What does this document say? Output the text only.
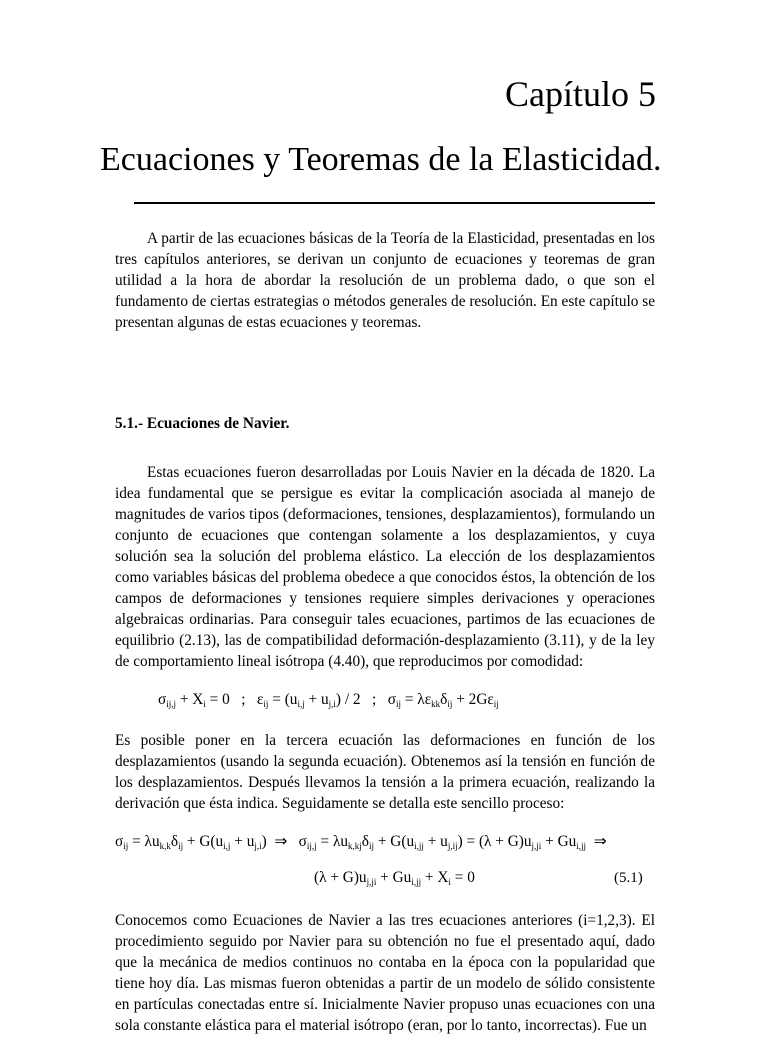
Capítulo 5
Ecuaciones y Teoremas de la Elasticidad.
A partir de las ecuaciones básicas de la Teoría de la Elasticidad, presentadas en los tres capítulos anteriores, se derivan un conjunto de ecuaciones y teoremas de gran utilidad a la hora de abordar la resolución de un problema dado, o que son el fundamento de ciertas estrategias o métodos generales de resolución. En este capítulo se presentan algunas de estas ecuaciones y teoremas.
5.1.- Ecuaciones de Navier.
Estas ecuaciones fueron desarrolladas por Louis Navier en la década de 1820. La idea fundamental que se persigue es evitar la complicación asociada al manejo de magnitudes de varios tipos (deformaciones, tensiones, desplazamientos), formulando un conjunto de ecuaciones que contengan solamente a los desplazamientos, y cuya solución sea la solución del problema elástico. La elección de los desplazamientos como variables básicas del problema obedece a que conocidos éstos, la obtención de los campos de deformaciones y tensiones requiere simples derivaciones y operaciones algebraicas ordinarias. Para conseguir tales ecuaciones, partimos de las ecuaciones de equilibrio (2.13), las de compatibilidad deformación-desplazamiento (3.11), y de la ley de comportamiento lineal isótropa (4.40), que reproducimos por comodidad:
$\sigma_{ij,j} + X_i = 0$   ;   $\varepsilon_{ij} = (u_{i,j} + u_{j,i}) / 2$   ;   $\sigma_{ij} = \lambda\varepsilon_{kk}\delta_{ij} + 2G\varepsilon_{ij}$
Es posible poner en la tercera ecuación las deformaciones en función de los desplazamientos (usando la segunda ecuación). Obtenemos así la tensión en función de los desplazamientos. Después llevamos la tensión a la primera ecuación, realizando la derivación que ésta indica. Seguidamente se detalla este sencillo proceso:
$\sigma_{ij} = \lambda u_{k,k}\delta_{ij} + G(u_{i,j} + u_{j,i})$  ⇒   $\sigma_{ij,j} = \lambda u_{k,kj}\delta_{ij} + G(u_{i,jj} + u_{j,ij}) = (\lambda + G)u_{j,ji} + Gu_{i,jj}$  ⇒
$(\lambda + G)u_{j,ji} + Gu_{i,jj} + X_i = 0$	(5.1)
Conocemos como Ecuaciones de Navier a las tres ecuaciones anteriores (i=1,2,3). El procedimiento seguido por Navier para su obtención no fue el presentado aquí, dado que la mecánica de medios continuos no contaba en la época con la popularidad que tiene hoy día. Las mismas fueron obtenidas a partir de un modelo de sólido consistente en partículas conectadas entre sí. Inicialmente Navier propuso unas ecuaciones con una sola constante elástica para el material isótropo (eran, por lo tanto, incorrectas). Fue un
